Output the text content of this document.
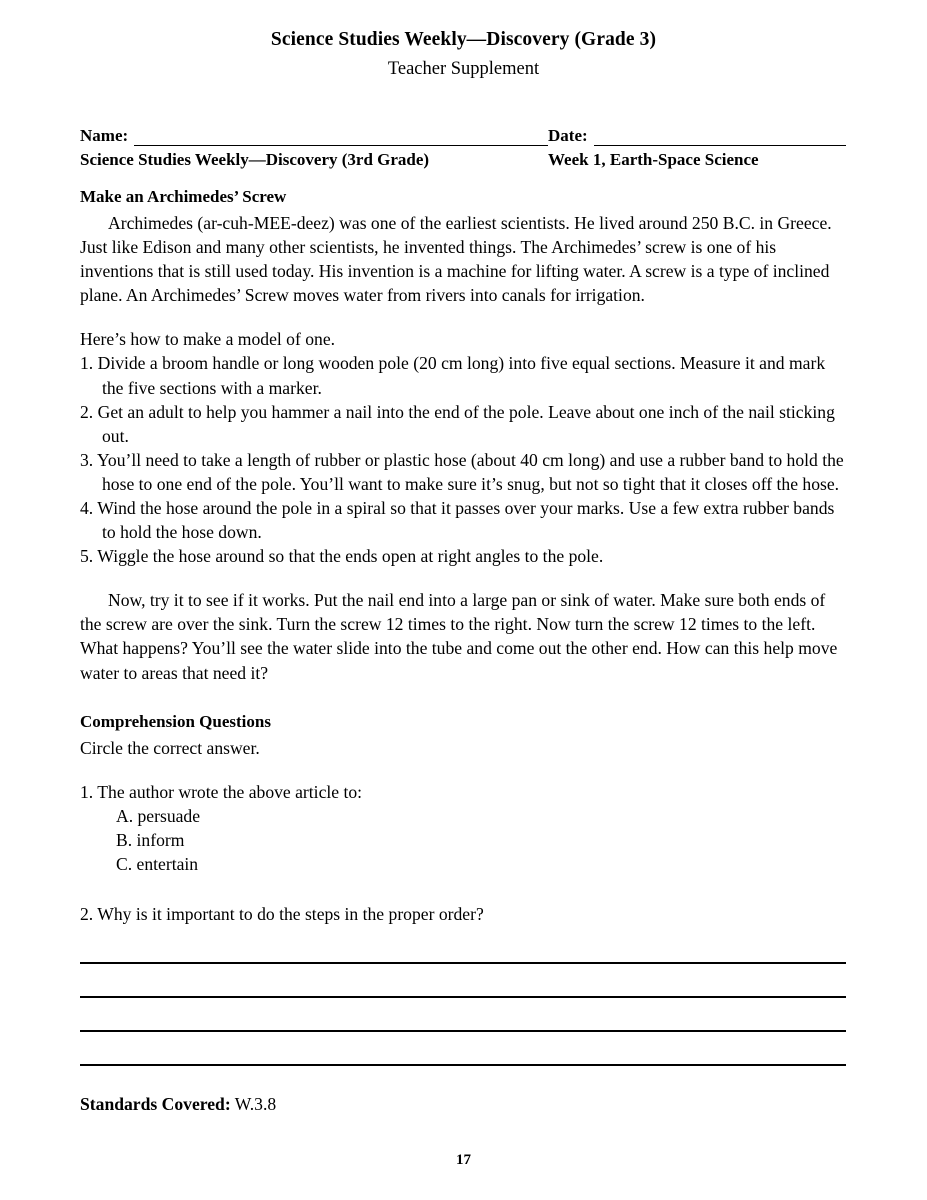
Science Studies Weekly—Discovery (Grade 3)
Teacher Supplement
Name:	Date:
Science Studies Weekly—Discovery (3rd Grade)	Week 1, Earth-Space Science
Make an Archimedes’ Screw

Archimedes (ar-cuh-MEE-deez) was one of the earliest scientists. He lived around 250 B.C. in Greece. Just like Edison and many other scientists, he invented things. The Archimedes’ screw is one of his inventions that is still used today. His invention is a machine for lifting water. A screw is a type of inclined plane. An Archimedes’ Screw moves water from rivers into canals for irrigation.

Here’s how to make a model of one.

1. Divide a broom handle or long wooden pole (20 cm long) into five equal sections. Measure it and mark the five sections with a marker.
2. Get an adult to help you hammer a nail into the end of the pole. Leave about one inch of the nail sticking out.
3. You’ll need to take a length of rubber or plastic hose (about 40 cm long) and use a rubber band to hold the hose to one end of the pole. You’ll want to make sure it’s snug, but not so tight that it closes off the hose.
4. Wind the hose around the pole in a spiral so that it passes over your marks. Use a few extra rubber bands to hold the hose down.
5. Wiggle the hose around so that the ends open at right angles to the pole.

Now, try it to see if it works. Put the nail end into a large pan or sink of water. Make sure both ends of the screw are over the sink. Turn the screw 12 times to the right. Now turn the screw 12 times to the left. What happens? You’ll see the water slide into the tube and come out the other end. How can this help move water to areas that need it?

Comprehension Questions

Circle the correct answer.

1. The author wrote the above article to:
A. persuade
B. inform
C. entertain
2. Why is it important to do the steps in the proper order?
Standards Covered: W.3.8
17
